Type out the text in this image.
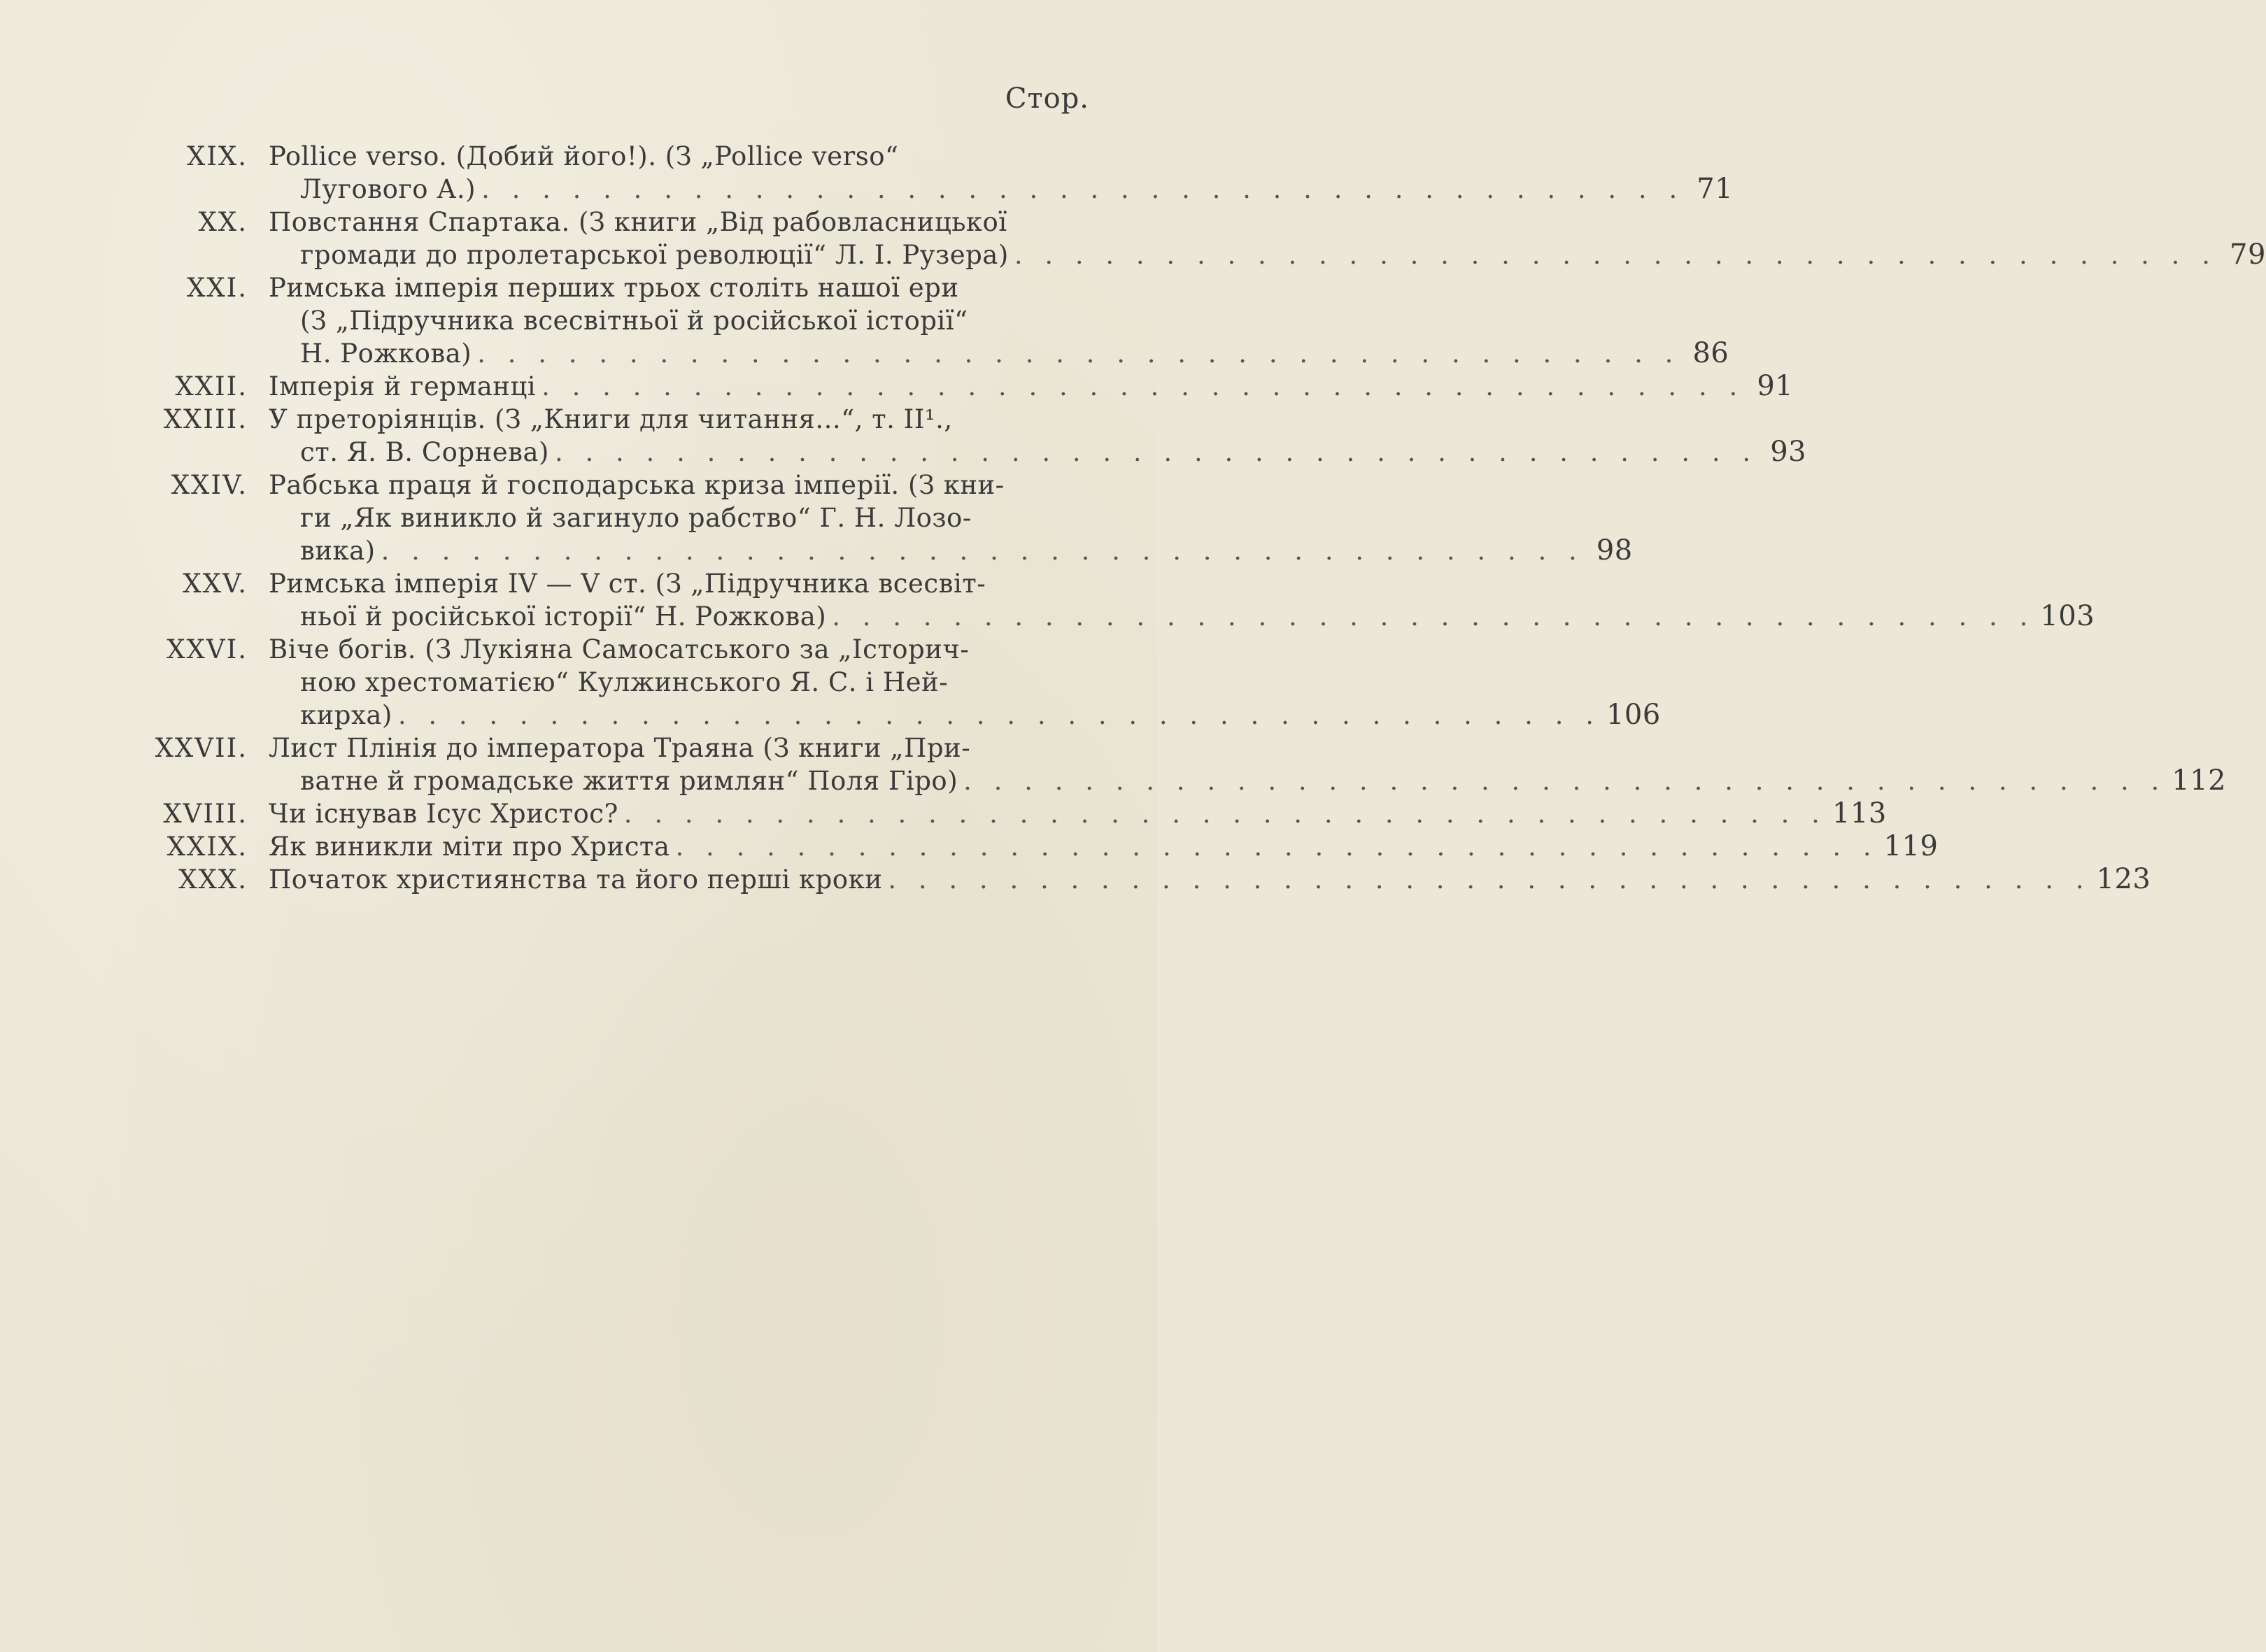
Стор.
XIX. Pollice verso. (Добий його!). (З „Pollice verso“
Лугового А.) . . . . . . . . . . . . . . . . . . . . . . . . . . . . . . . . . . . . . . . . 71
XX. Повстання Спартака. (З книги „Від рабовласницької
громади до пролетарської революції“ Л. І. Рузера) . . . . . . . . . . . . . . . . . . . . . . . . . . . . . . . . . . . . . . . . 79
XXI. Римська імперія перших трьох століть нашої ери
(З „Підручника всесвітньої й російської історії“
Н. Рожкова) . . . . . . . . . . . . . . . . . . . . . . . . . . . . . . . . . . . . . . . . 86
XXII. Імперія й германці . . . . . . . . . . . . . . . . . . . . . . . . . . . . . . . . . . . . . . . . 91
XXIII. У преторіянців. (З „Книги для читання...“, т. II¹.,
ст. Я. В. Сорнева) . . . . . . . . . . . . . . . . . . . . . . . . . . . . . . . . . . . . . . . . 93
XXIV. Рабська праця й господарська криза імперії. (З кни-
ги „Як виникло й загинуло рабство“ Г. Н. Лозо-
вика) . . . . . . . . . . . . . . . . . . . . . . . . . . . . . . . . . . . . . . . . 98
XXV. Римська імперія IV — V ст. (З „Підручника всесвіт-
ньої й російської історії“ Н. Рожкова) . . . . . . . . . . . . . . . . . . . . . . . . . . . . . . . . . . . . . . . . 103
XXVI. Віче богів. (З Лукіяна Самосатського за „Історич-
ною хрестоматією“ Кулжинського Я. С. і Ней-
кирха) . . . . . . . . . . . . . . . . . . . . . . . . . . . . . . . . . . . . . . . . 106
XXVII. Лист Плінія до імператора Траяна (З книги „При-
ватне й громадське життя римлян“ Поля Гіро) . . . . . . . . . . . . . . . . . . . . . . . . . . . . . . . . . . . . . . . . 112
XVIII. Чи існував Ісус Христос? . . . . . . . . . . . . . . . . . . . . . . . . . . . . . . . . . . . . . . . . 113
XXIX. Як виникли міти про Христа . . . . . . . . . . . . . . . . . . . . . . . . . . . . . . . . . . . . . . . . 119
XXX. Початок християнства та його перші кроки . . . . . . . . . . . . . . . . . . . . . . . . . . . . . . . . . . . . . . . . 123
